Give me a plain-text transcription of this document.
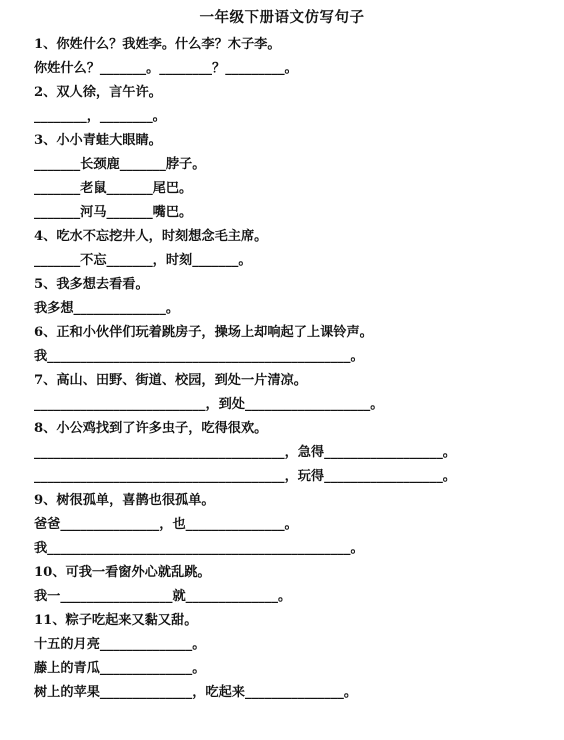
一年级下册语文仿写句子
1、你姓什么？我姓李。什么李？木子李。
你姓什么？_______。________？_________。
2、双人徐，言午许。
________，________。
3、小小青蛙大眼睛。
_______长颈鹿_______脖子。
_______老鼠_______尾巴。
_______河马_______嘴巴。
4、吃水不忘挖井人，时刻想念毛主席。
_______不忘_______，时刻_______。
5、我多想去看看。
我多想______________。
6、正和小伙伴们玩着跳房子，操场上却响起了上课铃声。
我______________________________________________。
7、高山、田野、街道、校园，到处一片清凉。
__________________________，到处___________________。
8、小公鸡找到了许多虫子，吃得很欢。
______________________________________，急得__________________。
______________________________________，玩得__________________。
9、树很孤单，喜鹊也很孤单。
爸爸_______________，也_______________。
我______________________________________________。
10、可我一看窗外心就乱跳。
我一_________________就______________。
11、粽子吃起来又黏又甜。
十五的月亮______________。
藤上的青瓜______________。
树上的苹果______________，吃起来_______________。
